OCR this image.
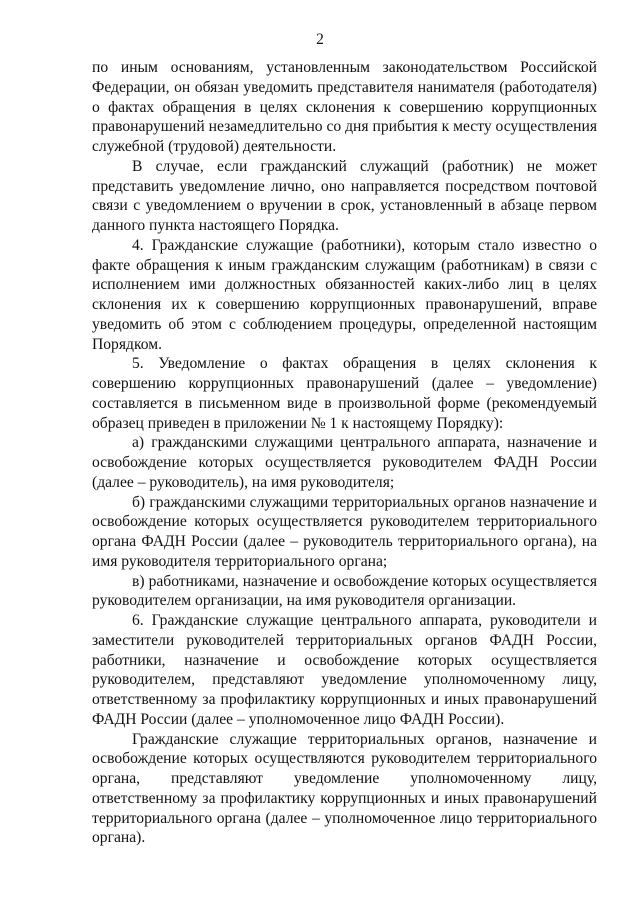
2

по иным основаниям, установленным законодательством Российской Федерации, он обязан уведомить представителя нанимателя (работодателя) о фактах обращения в целях склонения к совершению коррупционных правонарушений незамедлительно со дня прибытия к месту осуществления служебной (трудовой) деятельности.

В случае, если гражданский служащий (работник) не может представить уведомление лично, оно направляется посредством почтовой связи с уведомлением о вручении в срок, установленный в абзаце первом данного пункта настоящего Порядка.

4. Гражданские служащие (работники), которым стало известно о факте обращения к иным гражданским служащим (работникам) в связи с исполнением ими должностных обязанностей каких-либо лиц в целях склонения их к совершению коррупционных правонарушений, вправе уведомить об этом с соблюдением процедуры, определенной настоящим Порядком.

5. Уведомление о фактах обращения в целях склонения к совершению коррупционных правонарушений (далее – уведомление) составляется в письменном виде в произвольной форме (рекомендуемый образец приведен в приложении № 1 к настоящему Порядку):

а) гражданскими служащими центрального аппарата, назначение и освобождение которых осуществляется руководителем ФАДН России (далее – руководитель), на имя руководителя;

б) гражданскими служащими территориальных органов назначение и освобождение которых осуществляется руководителем территориального органа ФАДН России (далее – руководитель территориального органа), на имя руководителя территориального органа;

в) работниками, назначение и освобождение которых осуществляется руководителем организации, на имя руководителя организации.

6. Гражданские служащие центрального аппарата, руководители и заместители руководителей территориальных органов ФАДН России, работники, назначение и освобождение которых осуществляется руководителем, представляют уведомление уполномоченному лицу, ответственному за профилактику коррупционных и иных правонарушений ФАДН России (далее – уполномоченное лицо ФАДН России).

Гражданские служащие территориальных органов, назначение и освобождение которых осуществляются руководителем территориального органа, представляют уведомление уполномоченному лицу, ответственному за профилактику коррупционных и иных правонарушений территориального органа (далее – уполномоченное лицо территориального органа).
